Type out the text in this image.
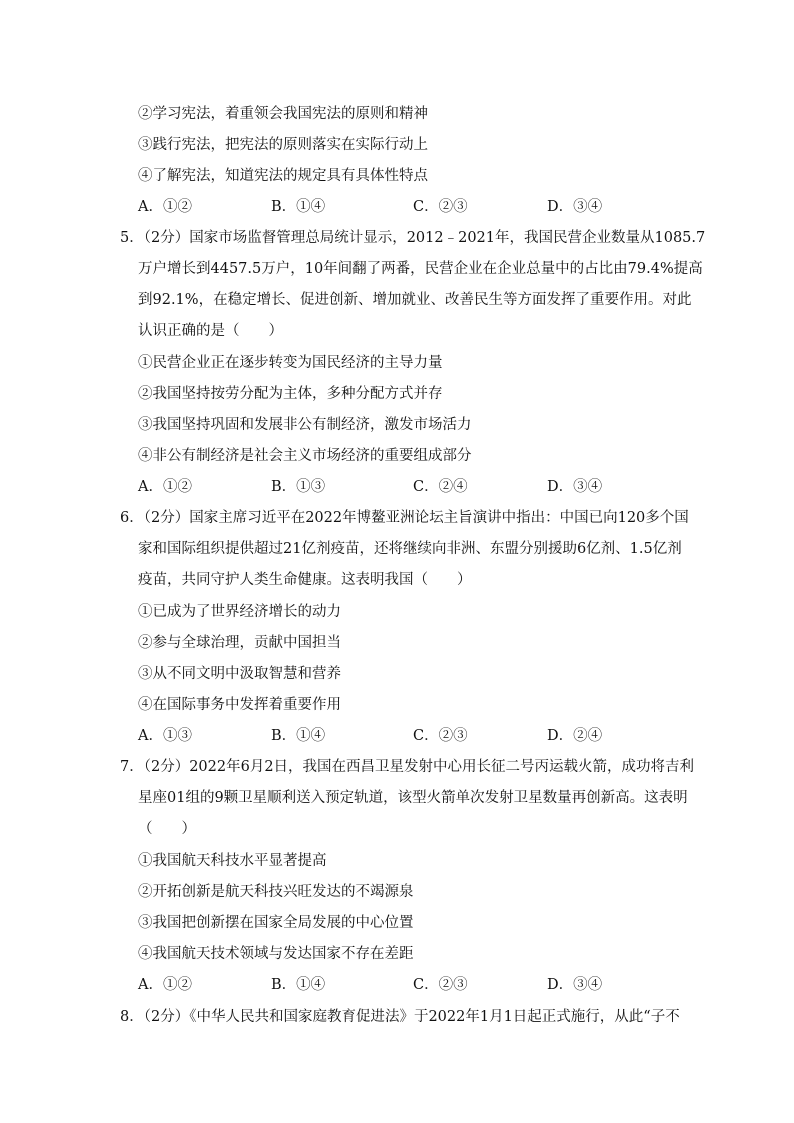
②学习宪法，着重领会我国宪法的原则和精神
③践行宪法，把宪法的原则落实在实际行动上
④了解宪法，知道宪法的规定具有具体性特点
A．①②	B．①④	C．②③	D．③④
5．（2分）国家市场监督管理总局统计显示，2012﹣2021年，我国民营企业数量从1085.7
万户增长到4457.5万户，10年间翻了两番，民营企业在企业总量中的占比由79.4%提高
到92.1%，在稳定增长、促进创新、增加就业、改善民生等方面发挥了重要作用。对此
认识正确的是（　　）
①民营企业正在逐步转变为国民经济的主导力量
②我国坚持按劳分配为主体，多种分配方式并存
③我国坚持巩固和发展非公有制经济，激发市场活力
④非公有制经济是社会主义市场经济的重要组成部分
A．①②	B．①③	C．②④	D．③④
6．（2分）国家主席习近平在2022年博鳌亚洲论坛主旨演讲中指出：中国已向120多个国
家和国际组织提供超过21亿剂疫苗，还将继续向非洲、东盟分别援助6亿剂、1.5亿剂
疫苗，共同守护人类生命健康。这表明我国（　　）
①已成为了世界经济增长的动力
②参与全球治理，贡献中国担当
③从不同文明中汲取智慧和营养
④在国际事务中发挥着重要作用
A．①③	B．①④	C．②③	D．②④
7．（2分）2022年6月2日，我国在西昌卫星发射中心用长征二号丙运载火箭，成功将吉利
星座01组的9颗卫星顺利送入预定轨道，该型火箭单次发射卫星数量再创新高。这表明
（　　）
①我国航天科技水平显著提高
②开拓创新是航天科技兴旺发达的不竭源泉
③我国把创新摆在国家全局发展的中心位置
④我国航天技术领域与发达国家不存在差距
A．①②	B．①④	C．②③	D．③④
8．（2分）《中华人民共和国家庭教育促进法》于2022年1月1日起正式施行，从此“子不
